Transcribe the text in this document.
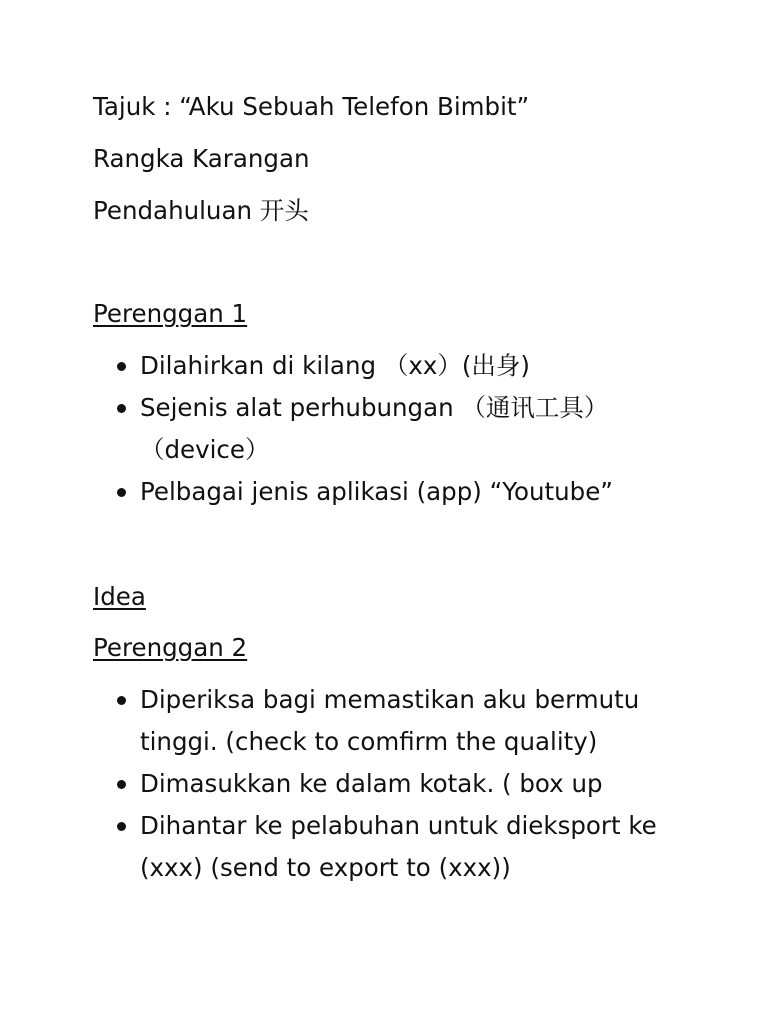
Tajuk : “Aku Sebuah Telefon Bimbit”
Rangka Karangan
Pendahuluan 开头
Perenggan 1
Dilahirkan di kilang （xx）(出身)
Sejenis alat perhubungan （通讯工具）（device）
Pelbagai jenis aplikasi (app) “Youtube”
Idea
Perenggan 2
Diperiksa bagi memastikan aku bermutu tinggi. (check to comfirm the quality)
Dimasukkan ke dalam kotak. ( box up
Dihantar ke pelabuhan untuk dieksport ke (xxx) (send to export to (xxx))
